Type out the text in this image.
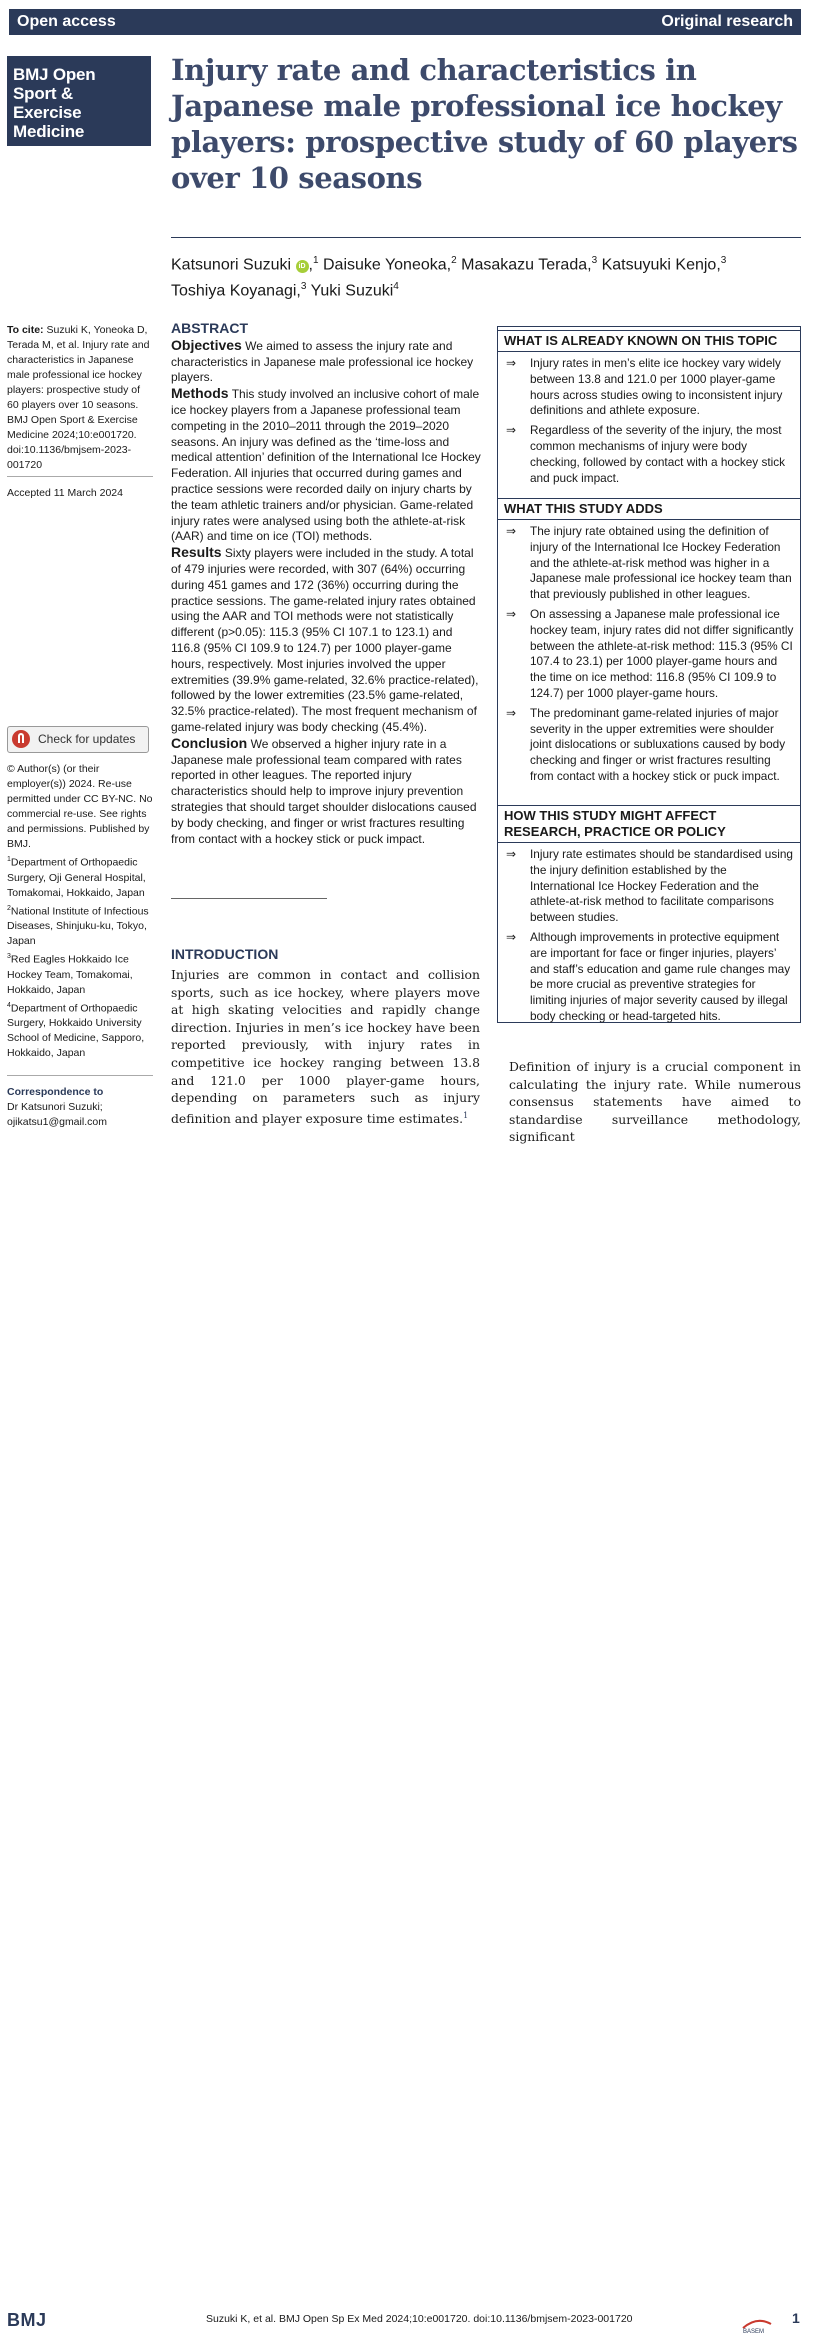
Open access	Original research
BMJ Open
Sport &
Exercise
Medicine
Injury rate and characteristics in Japanese male professional ice hockey players: prospective study of 60 players over 10 seasons
Katsunori Suzuki iD ,$^1$ Daisuke Yoneoka,$^2$ Masakazu Terada,$^3$ Katsuyuki Kenjo,$^3$
Toshiya Koyanagi,$^3$ Yuki Suzuki$^4$

To cite: Suzuki K, Yoneoka D, Terada M, et al. Injury rate and characteristics in Japanese male professional ice hockey players: prospective study of 60 players over 10 seasons. BMJ Open Sport & Exercise Medicine 2024;10:e001720. doi:10.1136/bmjsem-2023-001720

Accepted 11 March 2024
Check for updates

© Author(s) (or their employer(s)) 2024. Re-use permitted under CC BY-NC. No commercial re-use. See rights and permissions. Published by BMJ.

$^1$Department of Orthopaedic Surgery, Oji General Hospital, Tomakomai, Hokkaido, Japan

$^2$National Institute of Infectious Diseases, Shinjuku-ku, Tokyo, Japan

$^3$Red Eagles Hokkaido Ice Hockey Team, Tomakomai, Hokkaido, Japan

$^4$Department of Orthopaedic Surgery, Hokkaido University School of Medicine, Sapporo, Hokkaido, Japan

Correspondence to

Dr Katsunori Suzuki;

ojikatsu1@gmail.com

ABSTRACT

Objectives We aimed to assess the injury rate and characteristics in Japanese male professional ice hockey players.

Methods This study involved an inclusive cohort of male ice hockey players from a Japanese professional team competing in the 2010–2011 through the 2019–2020 seasons. An injury was defined as the ‘time-loss and medical attention’ definition of the International Ice Hockey Federation. All injuries that occurred during games and practice sessions were recorded daily on injury charts by the team athletic trainers and/or physician. Game-related injury rates were analysed using both the athlete-at-risk (AAR) and time on ice (TOI) methods.

Results Sixty players were included in the study. A total of 479 injuries were recorded, with 307 (64%) occurring during 451 games and 172 (36%) occurring during the practice sessions. The game-related injury rates obtained using the AAR and TOI methods were not statistically different (p>0.05): 115.3 (95% CI 107.1 to 123.1) and 116.8 (95% CI 109.9 to 124.7) per 1000 player-game hours, respectively. Most injuries involved the upper extremities (39.9% game-related, 32.6% practice-related), followed by the lower extremities (23.5% game-related, 32.5% practice-related). The most frequent mechanism of game-related injury was body checking (45.4%).

Conclusion We observed a higher injury rate in a Japanese male professional team compared with rates reported in other leagues. The reported injury characteristics should help to improve injury prevention strategies that should target shoulder dislocations caused by body checking, and finger or wrist fractures resulting from contact with a hockey stick or puck impact.

INTRODUCTION

Injuries are common in contact and collision sports, such as ice hockey, where players move at high skating velocities and rapidly change direction. Injuries in men’s ice hockey have been reported previously, with injury rates in competitive ice hockey ranging between 13.8 and 121.0 per 1000 player-game hours, depending on parameters such as injury definition and player exposure time estimates.$^1$

WHAT IS ALREADY KNOWN ON THIS TOPIC
⇒ Injury rates in men’s elite ice hockey vary widely between 13.8 and 121.0 per 1000 player-game hours across studies owing to inconsistent injury definitions and athlete exposure.
⇒ Regardless of the severity of the injury, the most common mechanisms of injury were body checking, followed by contact with a hockey stick and puck impact.
WHAT THIS STUDY ADDS
⇒ The injury rate obtained using the definition of injury of the International Ice Hockey Federation and the athlete-at-risk method was higher in a Japanese male professional ice hockey team than that previously published in other leagues.
⇒ On assessing a Japanese male professional ice hockey team, injury rates did not differ significantly between the athlete-at-risk method: 115.3 (95% CI 107.4 to 23.1) per 1000 player-game hours and the time on ice method: 116.8 (95% CI 109.9 to 124.7) per 1000 player-game hours.
⇒ The predominant game-related injuries of major severity in the upper extremities were shoulder joint dislocations or subluxations caused by body checking and finger or wrist fractures resulting from contact with a hockey stick or puck impact.
HOW THIS STUDY MIGHT AFFECT RESEARCH, PRACTICE OR POLICY
⇒ Injury rate estimates should be standardised using the injury definition established by the International Ice Hockey Federation and the athlete-at-risk method to facilitate comparisons between studies.
⇒ Although improvements in protective equipment are important for face or finger injuries, players’ and staff’s education and game rule changes may be more crucial as preventive strategies for limiting injuries of major severity caused by illegal body checking or head-targeted hits.

Definition of injury is a crucial component in calculating the injury rate. While numerous consensus statements have aimed to standardise surveillance methodology, significant

BMJ	Suzuki K, et al. BMJ Open Sp Ex Med 2024;10:e001720. doi:10.1136/bmjsem-2023-001720
BASEM
1
